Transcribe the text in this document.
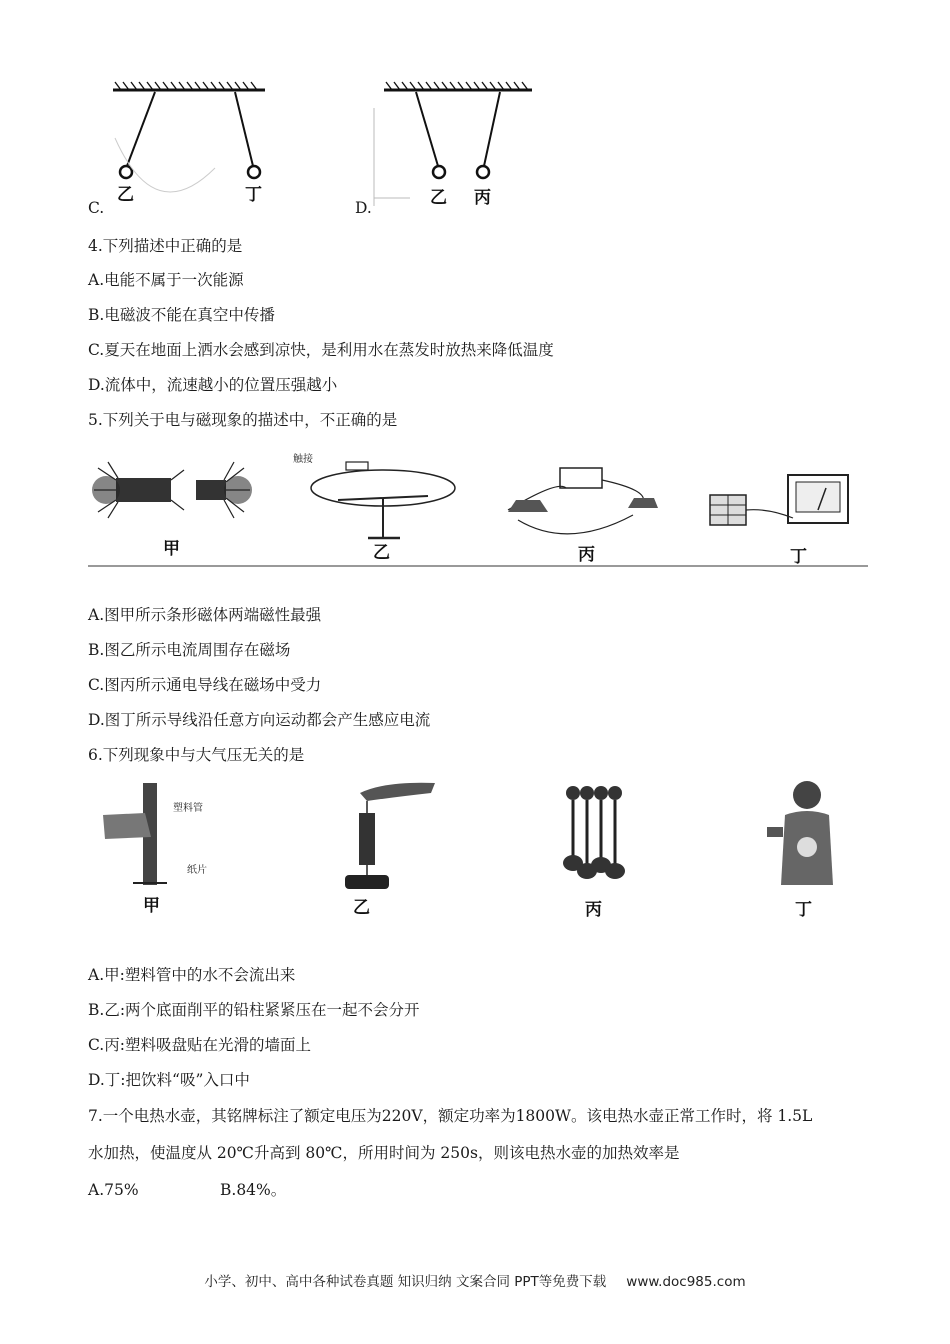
乙	丁
C.	乙 丙
D.
4.下列描述中正确的是
A.电能不属于一次能源
B.电磁波不能在真空中传播
C.夏天在地面上洒水会感到凉快，是利用水在蒸发时放热来降低温度
D.流体中，流速越小的位置压强越小
5.下列关于电与磁现象的描述中，不正确的是
甲
触接
乙	丙	丁
A.图甲所示条形磁体两端磁性最强
B.图乙所示电流周围存在磁场
C.图丙所示通电导线在磁场中受力
D.图丁所示导线沿任意方向运动都会产生感应电流
6.下列现象中与大气压无关的是
塑料管
纸片
甲	乙	丙	丁
A.甲:塑料管中的水不会流出来
B.乙:两个底面削平的铅柱紧紧压在一起不会分开
C.丙:塑料吸盘贴在光滑的墙面上
D.丁:把饮料“吸”入口中
7.一个电热水壶，其铭牌标注了额定电压为220V，额定功率为1800W。该电热水壶正常工作时，将 1.5L
水加热，使温度从 20℃升高到 80℃，所用时间为 250s，则该电热水壶的加热效率是
A.75%	B.84%。
小学、初中、高中各种试卷真题 知识归纳 文案合同 PPT等免费下载 www.doc985.com
